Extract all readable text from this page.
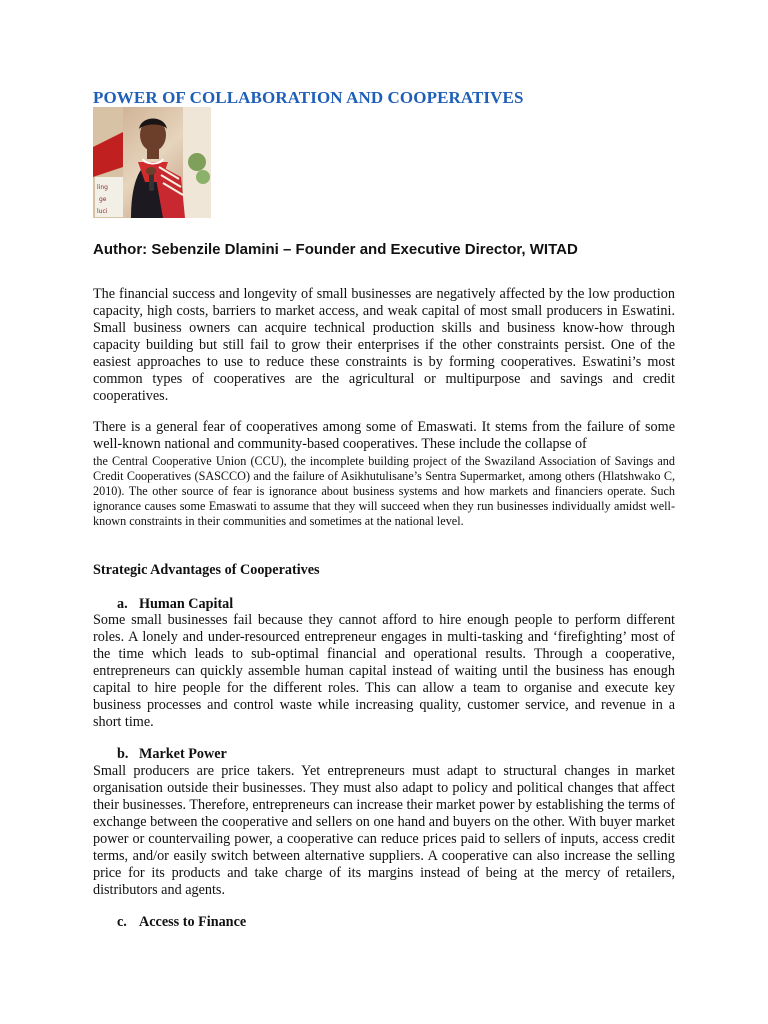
POWER OF COLLABORATION AND COOPERATIVES
ling
ge
luci
Author: Sebenzile Dlamini – Founder and Executive Director, WITAD
The financial success and longevity of small businesses are negatively affected by the low production capacity, high costs, barriers to market access, and weak capital of most small producers in Eswatini. Small business owners can acquire technical production skills and business know-how through capacity building but still fail to grow their enterprises if the other constraints persist. One of the easiest approaches to use to reduce these constraints is by forming cooperatives. Eswatini’s most common types of cooperatives are the agricultural or multipurpose and savings and credit cooperatives.
There is a general fear of cooperatives among some of Emaswati. It stems from the failure of some well-known national and community-based cooperatives. These include the collapse of
the Central Cooperative Union (CCU), the incomplete building project of the Swaziland Association of Savings and Credit Cooperatives (SASCCO) and the failure of Asikhutulisane’s Sentra Supermarket, among others (Hlatshwako C, 2010). The other source of fear is ignorance about business systems and how markets and financiers operate. Such ignorance causes some Emaswati to assume that they will succeed when they run businesses individually amidst well-known constraints in their communities and sometimes at the national level.
Strategic Advantages of Cooperatives
a. Human Capital
Some small businesses fail because they cannot afford to hire enough people to perform different roles. A lonely and under-resourced entrepreneur engages in multi-tasking and ‘firefighting’ most of the time which leads to sub-optimal financial and operational results. Through a cooperative, entrepreneurs can quickly assemble human capital instead of waiting until the business has enough capital to hire people for the different roles. This can allow a team to organise and execute key business processes and control waste while increasing quality, customer service, and revenue in a short time.
b. Market Power
Small producers are price takers. Yet entrepreneurs must adapt to structural changes in market organisation outside their businesses. They must also adapt to policy and political changes that affect their businesses. Therefore, entrepreneurs can increase their market power by establishing the terms of exchange between the cooperative and sellers on one hand and buyers on the other. With buyer market power or countervailing power, a cooperative can reduce prices paid to sellers of inputs, access credit terms, and/or easily switch between alternative suppliers. A cooperative can also increase the selling price for its products and take charge of its margins instead of being at the mercy of retailers, distributors and agents.
c. Access to Finance
